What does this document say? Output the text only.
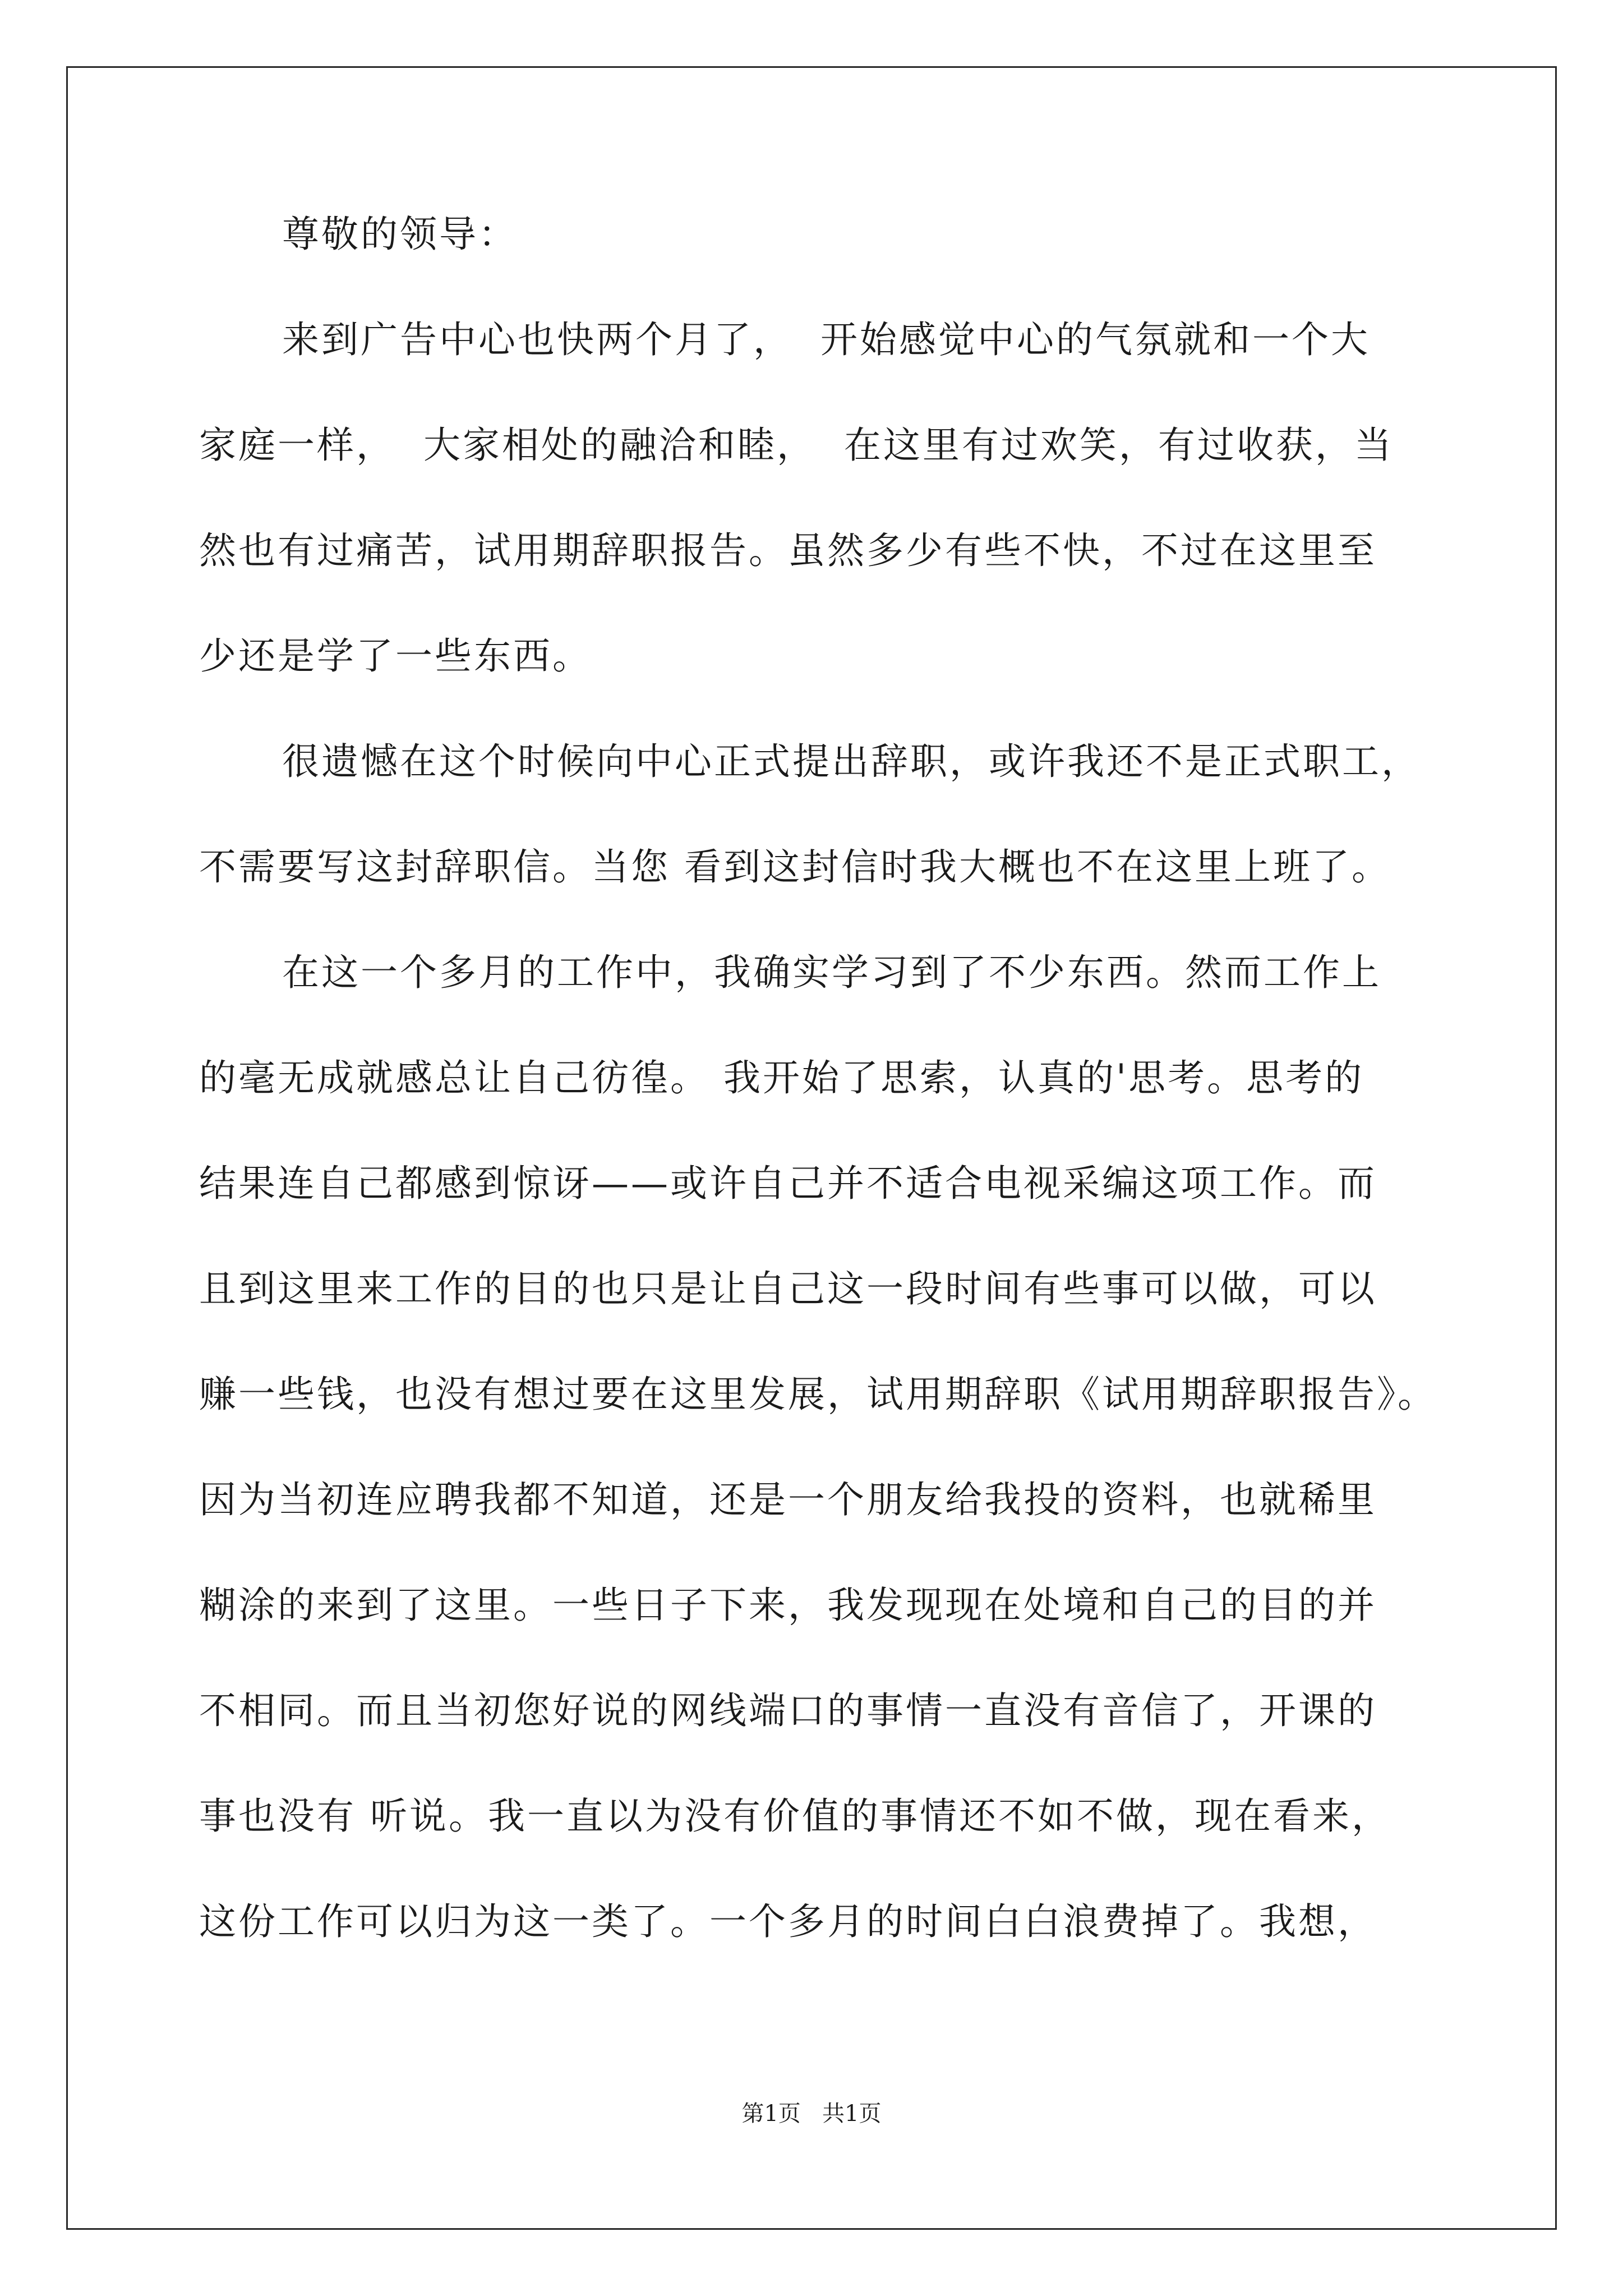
尊敬的领导：
来到广告中心也快两个月了，  开始感觉中心的气氛就和一个大
家庭一样，  大家相处的融洽和睦，  在这里有过欢笑，有过收获，当
然也有过痛苦，试用期辞职报告。虽然多少有些不快，不过在这里至
少还是学了一些东西。
很遗憾在这个时候向中心正式提出辞职，或许我还不是正式职工，
不需要写这封辞职信。当您 看到这封信时我大概也不在这里上班了。
在这一个多月的工作中，我确实学习到了不少东西。然而工作上
的毫无成就感总让自己彷徨。 我开始了思索，认真的'思考。思考的
结果连自己都感到惊讶——或许自己并不适合电视采编这项工作。而
且到这里来工作的目的也只是让自己这一段时间有些事可以做，可以
赚一些钱，也没有想过要在这里发展，试用期辞职《试用期辞职报告》。
因为当初连应聘我都不知道，还是一个朋友给我投的资料，也就稀里
糊涂的来到了这里。一些日子下来，我发现现在处境和自己的目的并
不相同。而且当初您好说的网线端口的事情一直没有音信了，开课的
事也没有 听说。我一直以为没有价值的事情还不如不做，现在看来，
这份工作可以归为这一类了。一个多月的时间白白浪费掉了。我想，
第1页   共1页
